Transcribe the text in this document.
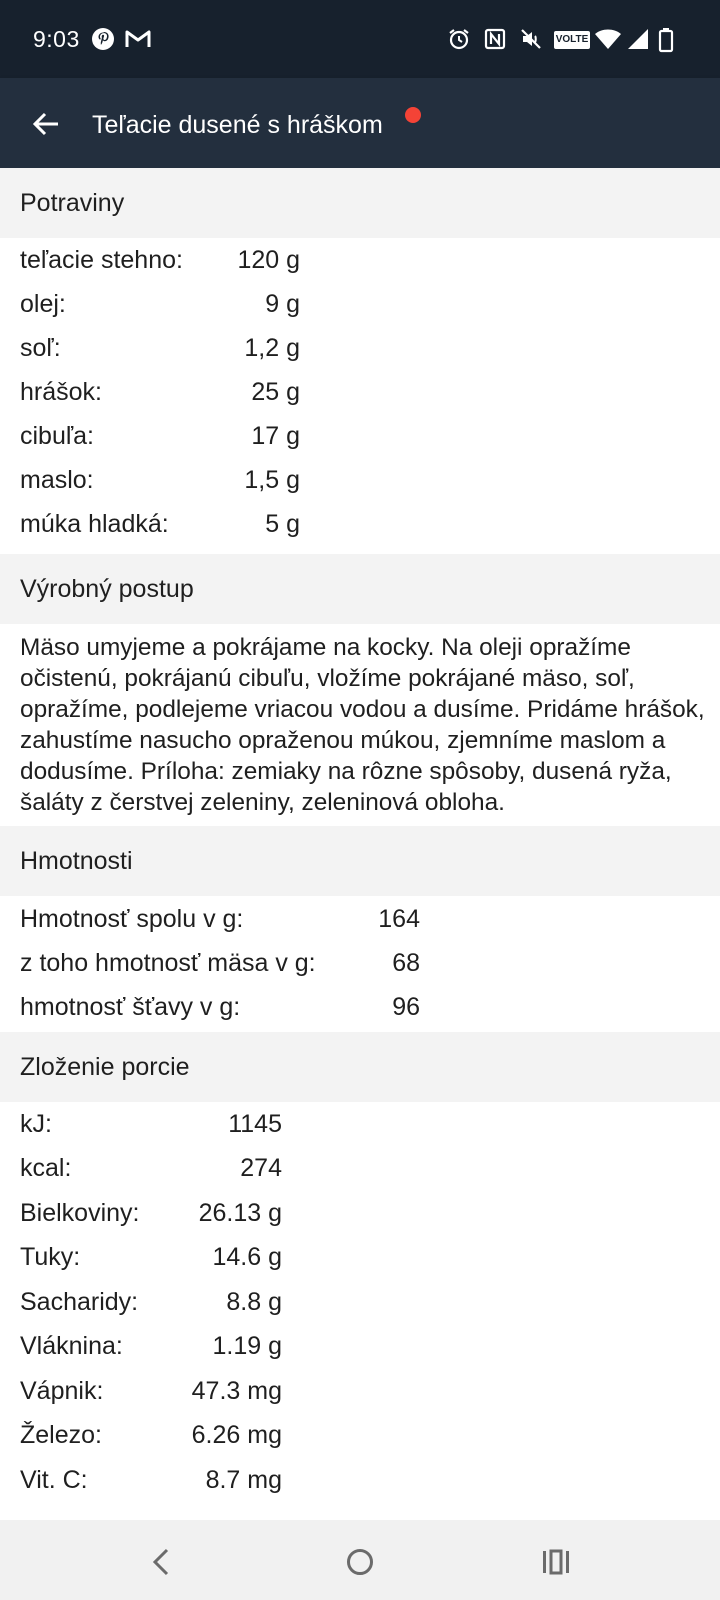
9:03	VOLTE
Teľacie dusené s hráškom
Potraviny
teľacie stehno: 120 g
olej:	9 g
soľ:	1,2 g
hrášok:	25 g
cibuľa:	17 g
maslo:	1,5 g
múka hladká:	5 g
Výrobný postup
Mäso umyjeme a pokrájame na kocky. Na oleji opražíme očistenú, pokrájanú cibuľu, vložíme pokrájané mäso, soľ, opražíme, podlejeme vriacou vodou a dusíme. Pridáme hrášok, zahustíme nasucho opraženou múkou, zjemníme maslom a dodusíme. Príloha: zemiaky na rôzne spôsoby, dusená ryža, šaláty z čerstvej zeleniny, zeleninová obloha.
Hmotnosti
Hmotnosť spolu v g:	164
z toho hmotnosť mäsa v g:	68
hmotnosť šťavy v g:	96
Zloženie porcie
kJ:	1145
kcal:	274
Bielkoviny: 26.13 g
Tuky:	14.6 g
Sacharidy:	8.8 g
Vláknina:	1.19 g
Vápnik:	47.3 mg
Železo:	6.26 mg
Vit. C:	8.7 mg
